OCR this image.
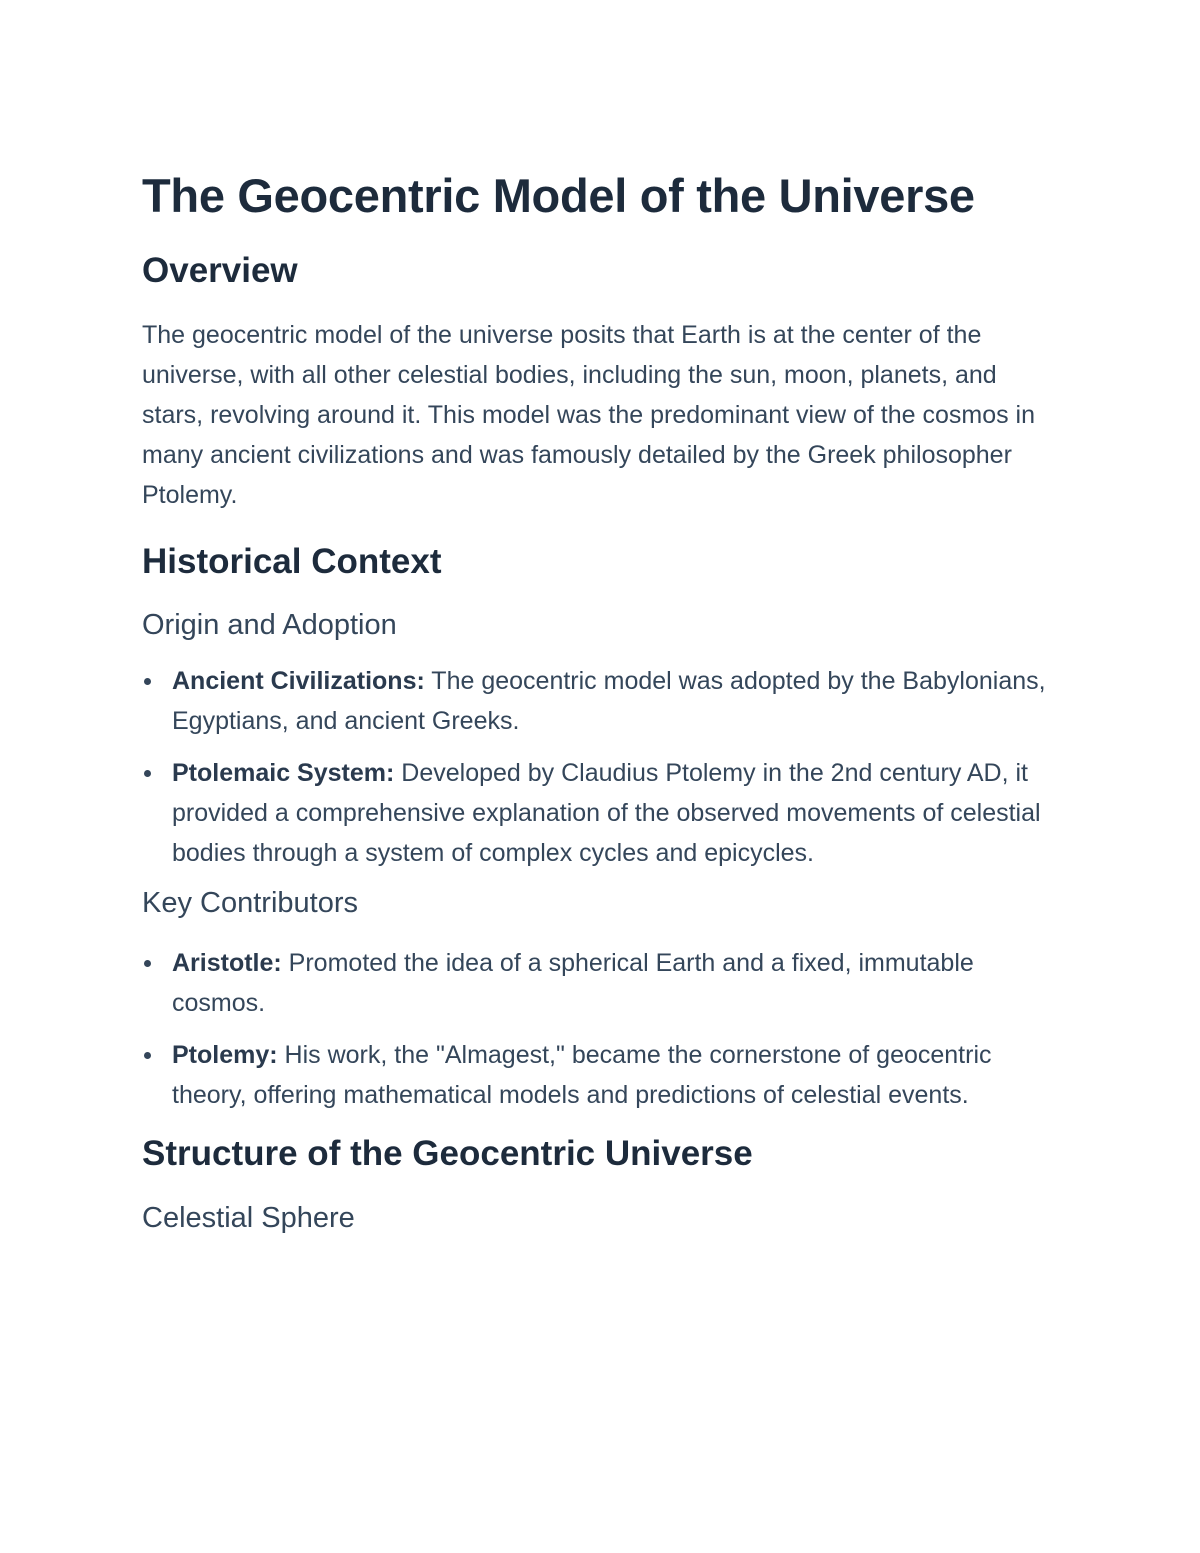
The Geocentric Model of the Universe
Overview

The geocentric model of the universe posits that Earth is at the center of the universe, with all other celestial bodies, including the sun, moon, planets, and stars, revolving around it. This model was the predominant view of the cosmos in many ancient civilizations and was famously detailed by the Greek philosopher Ptolemy.

Historical Context
Origin and Adoption
Ancient Civilizations: The geocentric model was adopted by the Babylonians, Egyptians, and ancient Greeks.
Ptolemaic System: Developed by Claudius Ptolemy in the 2nd century AD, it provided a comprehensive explanation of the observed movements of celestial bodies through a system of complex cycles and epicycles.
Key Contributors
Aristotle: Promoted the idea of a spherical Earth and a fixed, immutable cosmos.
Ptolemy: His work, the "Almagest," became the cornerstone of geocentric theory, offering mathematical models and predictions of celestial events.
Structure of the Geocentric Universe
Celestial Sphere
